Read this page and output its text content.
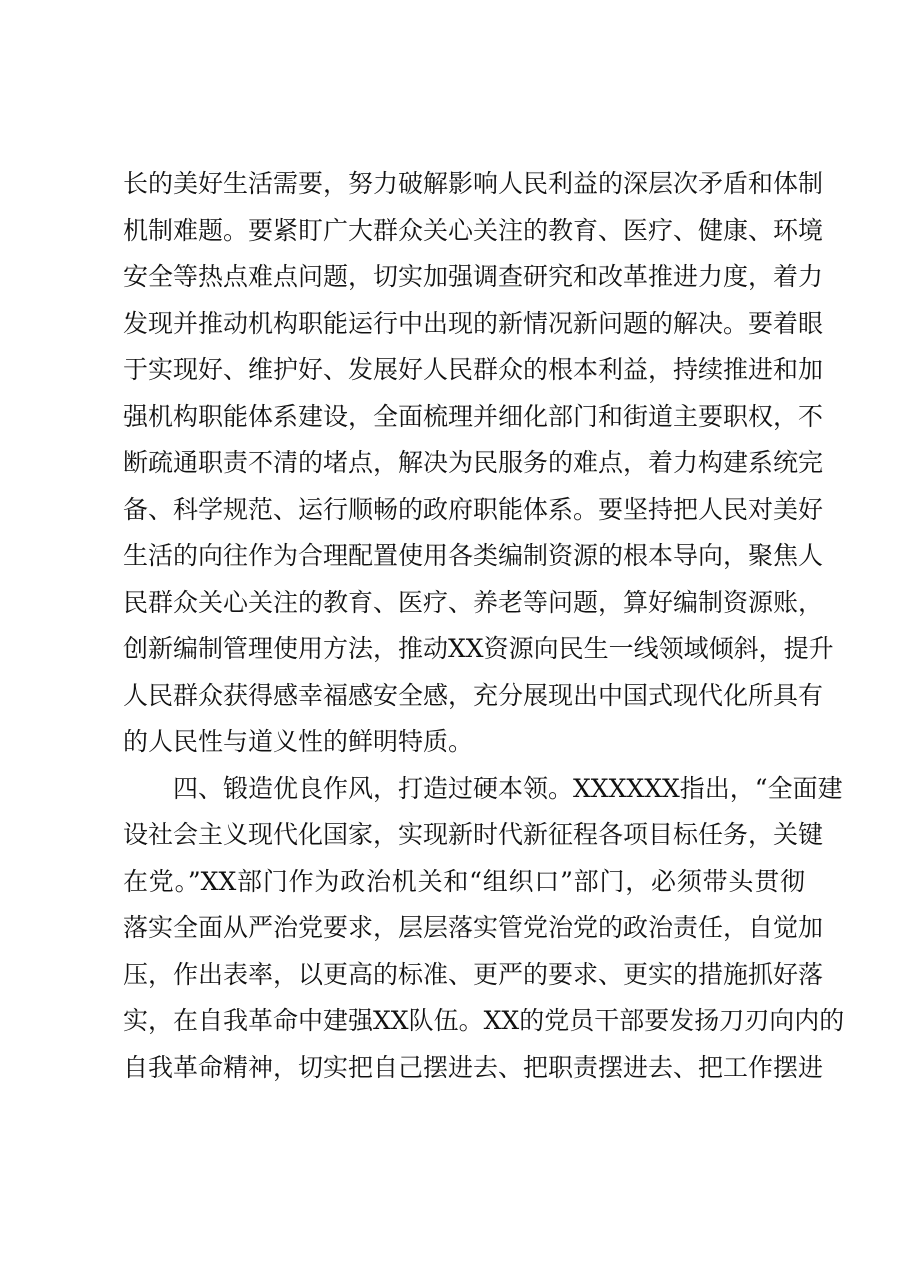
长的美好生活需要，努力破解影响人民利益的深层次矛盾和体制
机制难题。要紧盯广大群众关心关注的教育、医疗、健康、环境
安全等热点难点问题，切实加强调查研究和改革推进力度，着力
发现并推动机构职能运行中出现的新情况新问题的解决。要着眼
于实现好、维护好、发展好人民群众的根本利益，持续推进和加
强机构职能体系建设，全面梳理并细化部门和街道主要职权，不
断疏通职责不清的堵点，解决为民服务的难点，着力构建系统完
备、科学规范、运行顺畅的政府职能体系。要坚持把人民对美好
生活的向往作为合理配置使用各类编制资源的根本导向，聚焦人
民群众关心关注的教育、医疗、养老等问题，算好编制资源账，
创新编制管理使用方法，推动XX资源向民生一线领域倾斜，提升
人民群众获得感幸福感安全感，充分展现出中国式现代化所具有
的人民性与道义性的鲜明特质。
四、锻造优良作风，打造过硬本领。XXXXXX指出，“全面建
设社会主义现代化国家，实现新时代新征程各项目标任务，关键
在党。”XX部门作为政治机关和“组织口”部门，必须带头贯彻
落实全面从严治党要求，层层落实管党治党的政治责任，自觉加
压，作出表率，以更高的标准、更严的要求、更实的措施抓好落
实，在自我革命中建强XX队伍。XX的党员干部要发扬刀刃向内的
自我革命精神，切实把自己摆进去、把职责摆进去、把工作摆进
